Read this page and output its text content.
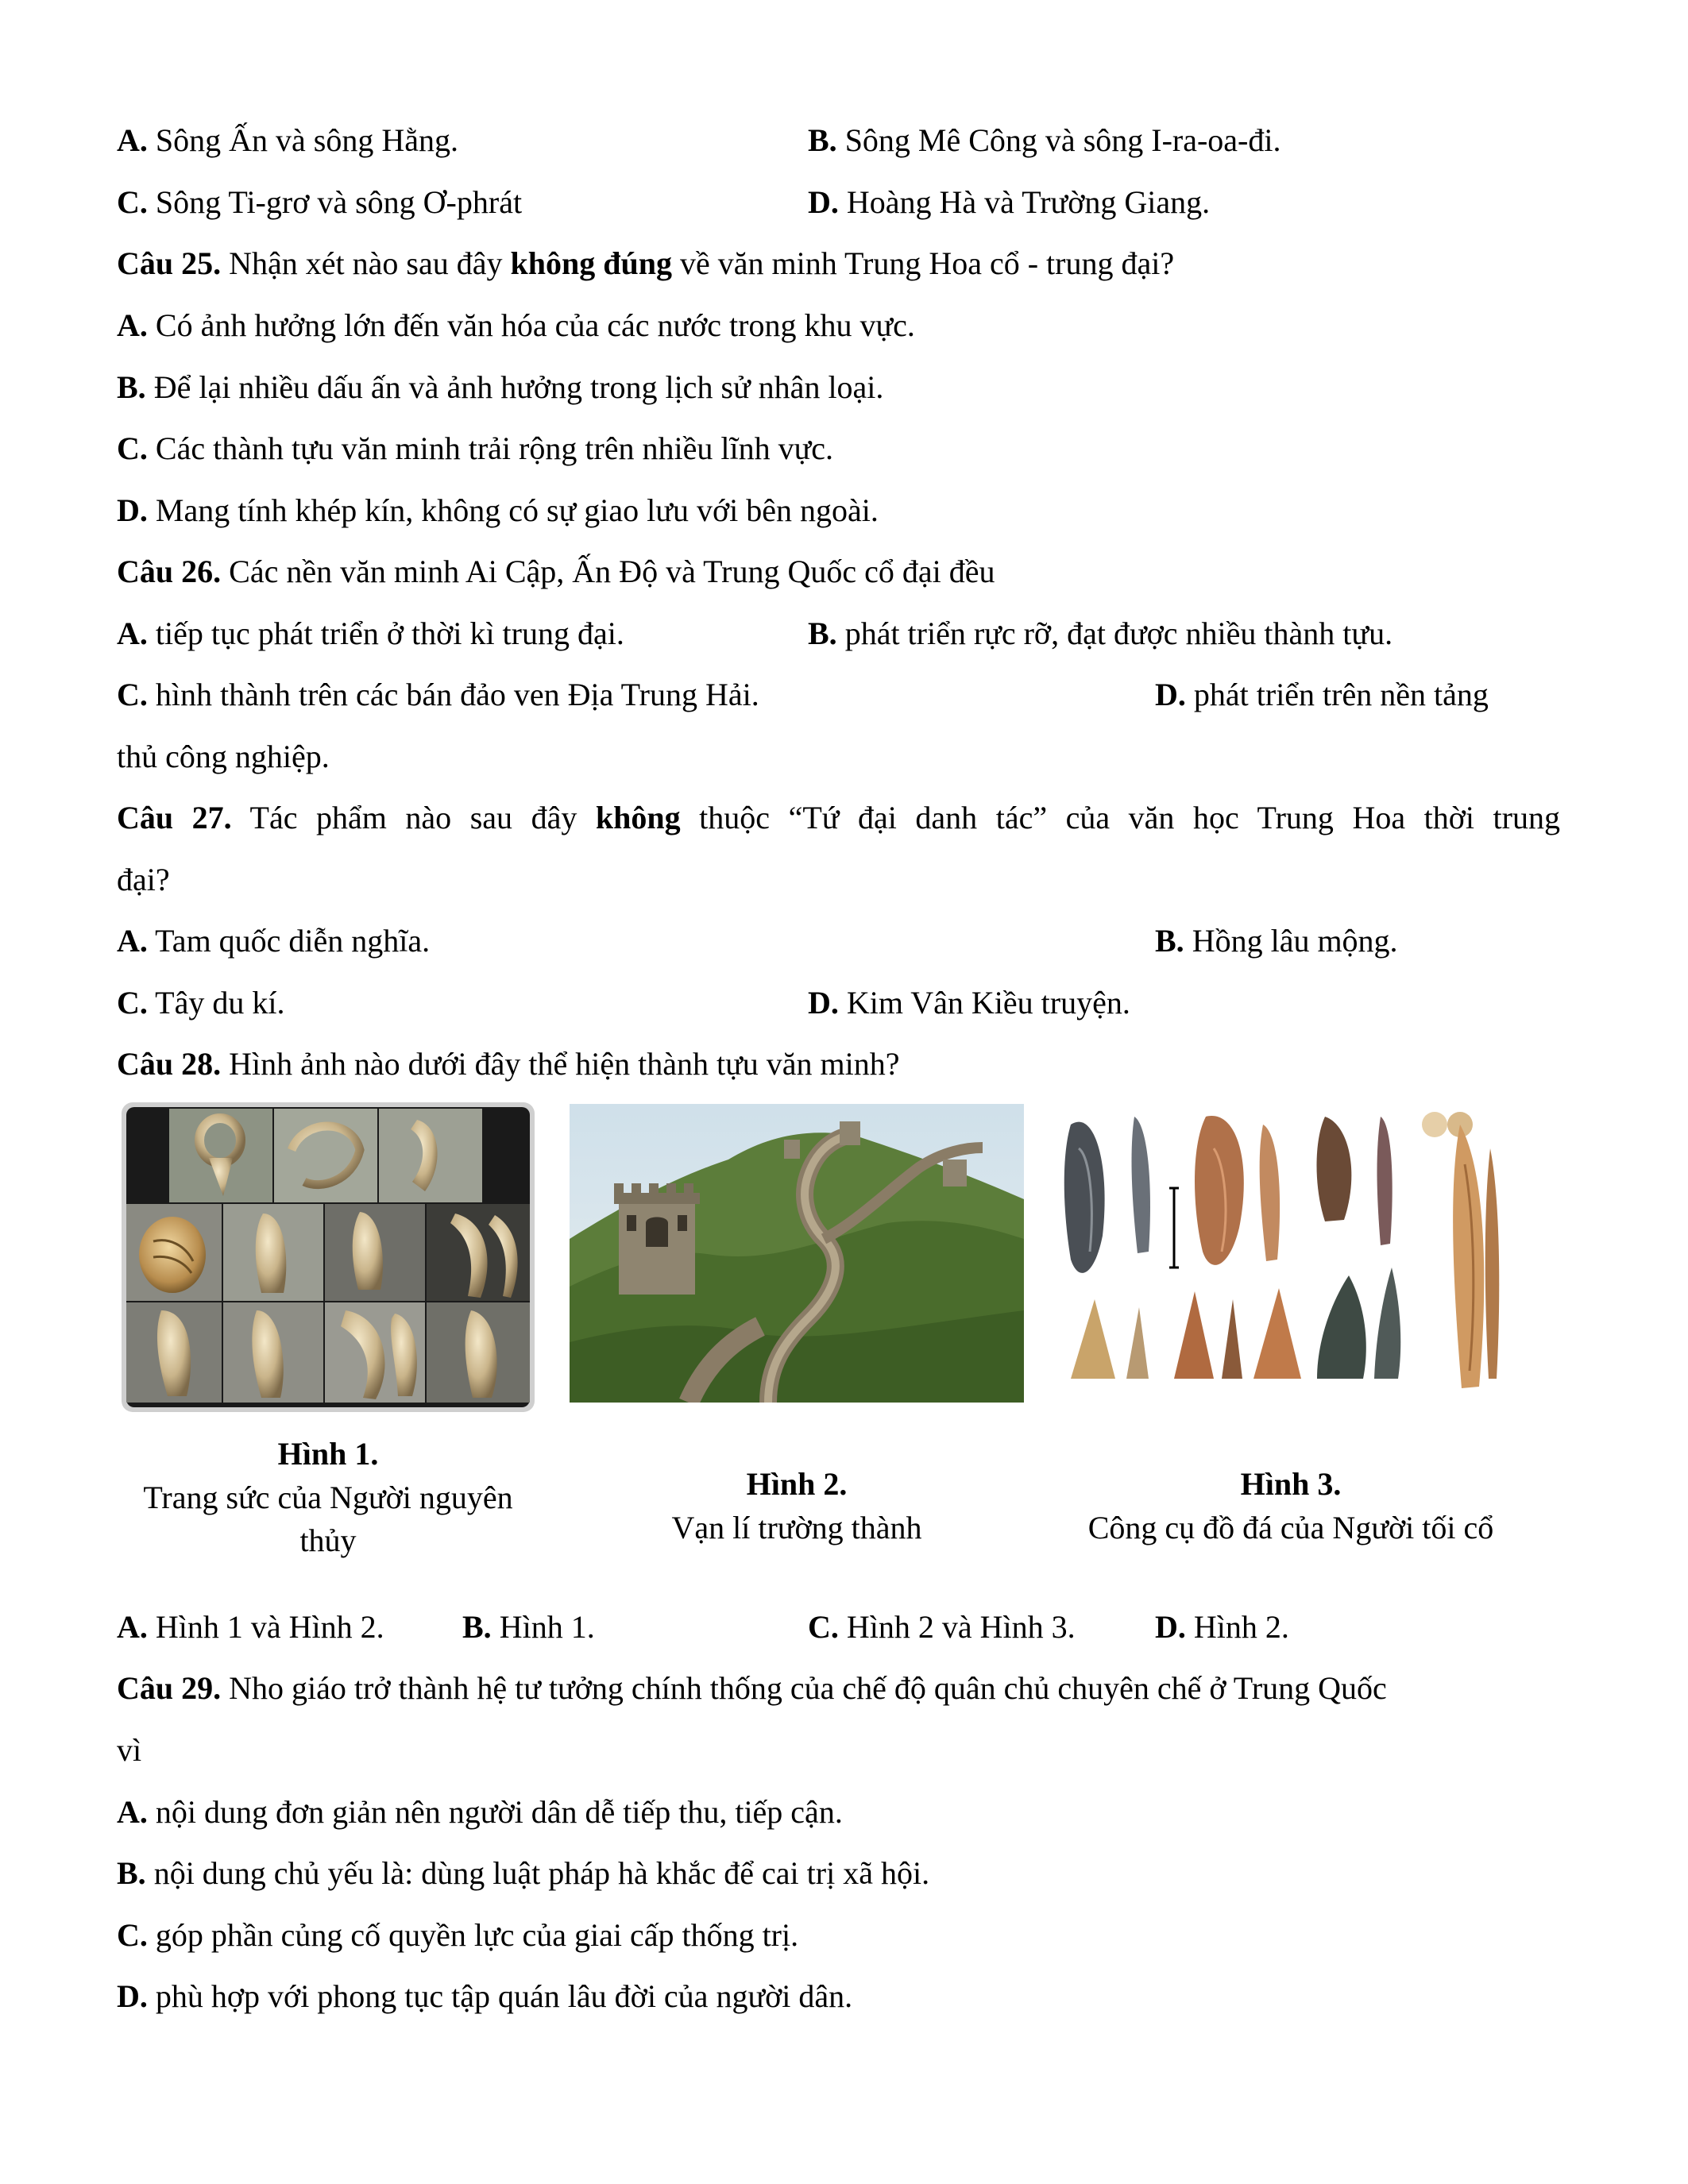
A. Sông Ấn và sông Hằng.	B. Sông Mê Công và sông I-ra-oa-đi.
C. Sông Ti-grơ và sông Ơ-phrát	D. Hoàng Hà và Trường Giang.
Câu 25. Nhận xét nào sau đây không đúng về văn minh Trung Hoa cổ - trung đại?
A. Có ảnh hưởng lớn đến văn hóa của các nước trong khu vực.
B. Để lại nhiều dấu ấn và ảnh hưởng trong lịch sử nhân loại.
C. Các thành tựu văn minh trải rộng trên nhiều lĩnh vực.
D. Mang tính khép kín, không có sự giao lưu với bên ngoài.
Câu 26. Các nền văn minh Ai Cập, Ấn Độ và Trung Quốc cổ đại đều
A. tiếp tục phát triển ở thời kì trung đại.	B. phát triển rực rỡ, đạt được nhiều thành tựu.
C. hình thành trên các bán đảo ven Địa Trung Hải.	D. phát triển trên nền tảng
thủ công nghiệp.
Câu 27. Tác phẩm nào sau đây không thuộc “Tứ đại danh tác” của văn học Trung Hoa thời trung
đại?
A. Tam quốc diễn nghĩa.	B. Hồng lâu mộng.
C. Tây du kí.	D. Kim Vân Kiều truyện.
Câu 28. Hình ảnh nào dưới đây thể hiện thành tựu văn minh?
Hình 1.
Trang sức của Người nguyên
thủy
Hình 2.
Vạn lí trường thành
Hình 3.
Công cụ đồ đá của Người tối cổ
A. Hình 1 và Hình 2. B. Hình 1.	C. Hình 2 và Hình 3.	D. Hình 2.
Câu 29. Nho giáo trở thành hệ tư tưởng chính thống của chế độ quân chủ chuyên chế ở Trung Quốc
vì
A. nội dung đơn giản nên người dân dễ tiếp thu, tiếp cận.
B. nội dung chủ yếu là: dùng luật pháp hà khắc để cai trị xã hội.
C. góp phần củng cố quyền lực của giai cấp thống trị.
D. phù hợp với phong tục tập quán lâu đời của người dân.
